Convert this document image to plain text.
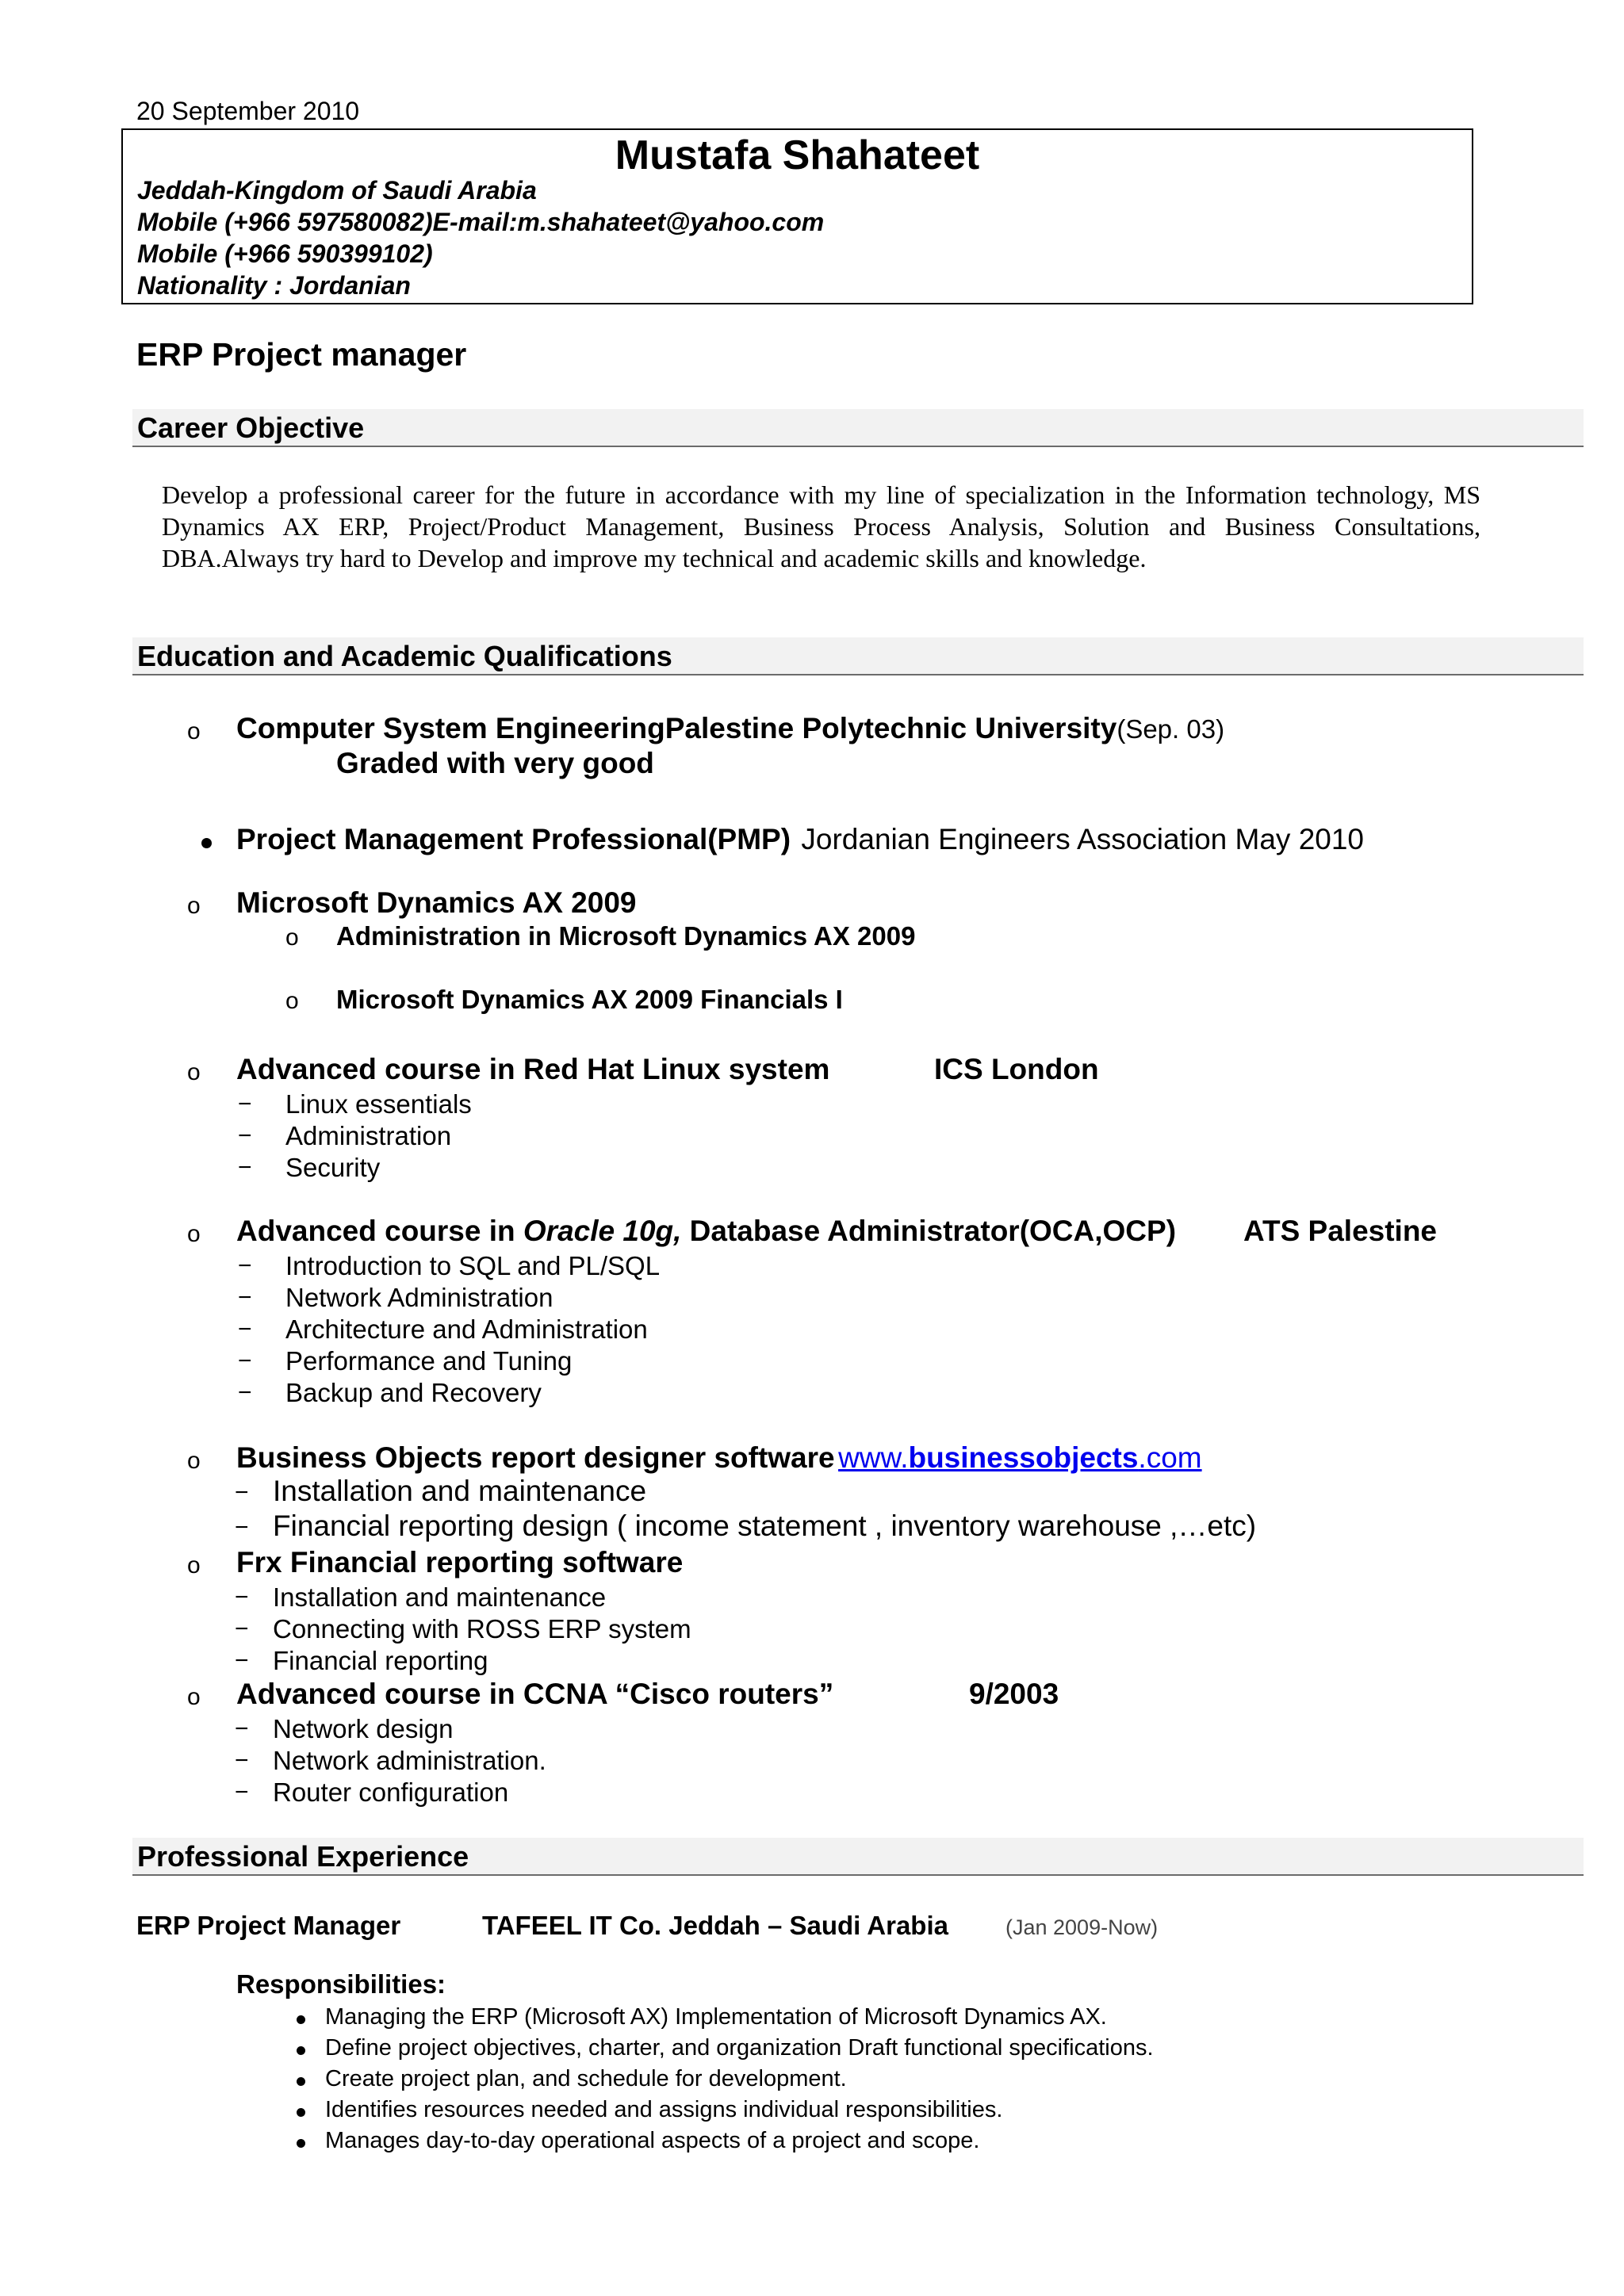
20 September 2010
Mustafa Shahateet
Jeddah-Kingdom of Saudi Arabia
Mobile (+966 597580082)E-mail:m.shahateet@yahoo.com
Mobile (+966 590399102)
Nationality : Jordanian
ERP Project manager
Career Objective
Develop a professional career for the future in accordance with my line of specialization in the Information technology, MS Dynamics AX ERP, Project/Product Management, Business Process Analysis, Solution and Business Consultations, DBA.Always try hard to Develop and improve my technical and academic skills and knowledge.
Education and Academic Qualifications
o Computer System EngineeringPalestine Polytechnic University(Sep. 03)
Graded with very good
Project Management Professional(PMP) Jordanian Engineers Association May 2010
o Microsoft Dynamics AX 2009
o Administration in Microsoft Dynamics AX 2009
o Microsoft Dynamics AX 2009 Financials I
o Advanced course in Red Hat Linux system	ICS London
− Linux essentials
− Administration
− Security
o Advanced course in Oracle 10g, Database Administrator(OCA,OCP) ATS Palestine
− Introduction to SQL and PL/SQL
− Network Administration
− Architecture and Administration
− Performance and Tuning
− Backup and Recovery
o Business Objects report designer software www.businessobjects.com
− Installation and maintenance
− Financial reporting design ( income statement , inventory warehouse ,…etc)
o Frx Financial reporting software
− Installation and maintenance
− Connecting with ROSS ERP system
− Financial reporting
o Advanced course in CCNA “Cisco routers”	9/2003
− Network design
− Network administration.
− Router configuration
Professional Experience
ERP Project Manager	TAFEEL IT Co. Jeddah – Saudi Arabia	(Jan 2009-Now)
Responsibilities:
Managing the ERP (Microsoft AX) Implementation of Microsoft Dynamics AX.
Define project objectives, charter, and organization Draft functional specifications.
Create project plan, and schedule for development.
Identifies resources needed and assigns individual responsibilities.
Manages day-to-day operational aspects of a project and scope.
